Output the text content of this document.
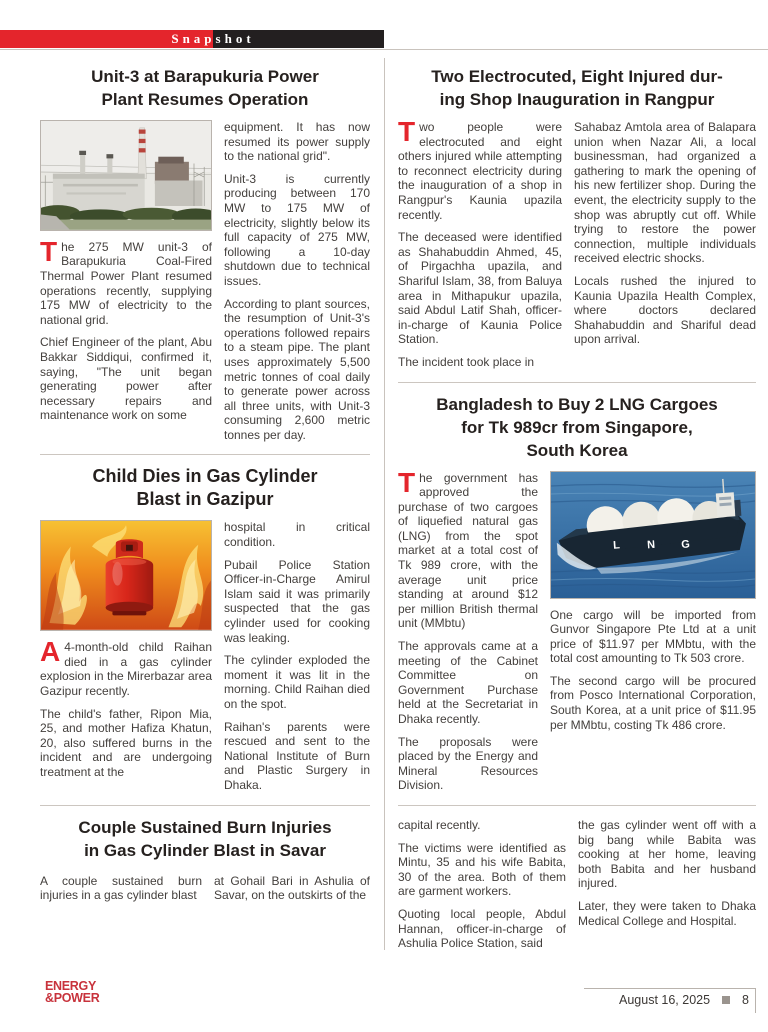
Snapshot
Unit-3 at Barapukuria Power
Plant Resumes Operation

The 275 MW unit-3 of Barapukuria Coal-Fired Thermal Power Plant resumed operations recently, supplying 175 MW of electricity to the national grid.

Chief Engineer of the plant, Abu Bakkar Siddiqui, confirmed it, saying, "The unit began generating power after necessary repairs and maintenance work on some

equipment. It has now resumed its power supply to the national grid".

Unit-3 is currently producing between 170 MW to 175 MW of electricity, slightly below its full capacity of 275 MW, following a 10-day shutdown due to technical issues.

According to plant sources, the resumption of Unit-3's operations followed repairs to a steam pipe. The plant uses approximately 5,500 metric tonnes of coal daily to generate power across all three units, with Unit-3 consuming 2,600 metric tonnes per day.

Child Dies in Gas Cylinder
Blast in Gazipur

A 4-month-old child Raihan died in a gas cylinder explosion in the Mirerbazar area Gazipur recently.

The child's father, Ripon Mia, 25, and mother Hafiza Khatun, 20, also suffered burns in the incident and are undergoing treatment at the

hospital in critical condition.

Pubail Police Station Officer-in-Charge Amirul Islam said it was primarily suspected that the gas cylinder used for cooking was leaking.

The cylinder exploded the moment it was lit in the morning. Child Raihan died on the spot.

Raihan's parents were rescued and sent to the National Institute of Burn and Plastic Surgery in Dhaka.

Couple Sustained Burn Injuries
in Gas Cylinder Blast in Savar

A couple sustained burn injuries in a gas cylinder blast

at Gohail Bari in Ashulia of Savar, on the outskirts of the

Two Electrocuted, Eight Injured dur-
ing Shop Inauguration in Rangpur

Two people were electrocuted and eight others injured while attempting to reconnect electricity during the inauguration of a shop in Rangpur's Kaunia upazila recently.

The deceased were identified as Shahabuddin Ahmed, 45, of Pirgachha upazila, and Shariful Islam, 38, from Baluya area in Mithapukur upazila, said Abdul Latif Shah, officer-in-charge of Kaunia Police Station.

The incident took place in

Sahabaz Amtola area of Balapara union when Nazar Ali, a local businessman, had organized a gathering to mark the opening of his new fertilizer shop. During the event, the electricity supply to the shop was abruptly cut off. While trying to restore the power connection, multiple individuals received electric shocks.

Locals rushed the injured to Kaunia Upazila Health Complex, where doctors declared Shahabuddin and Shariful dead upon arrival.

Bangladesh to Buy 2 LNG Cargoes
for Tk 989cr from Singapore,
South Korea

The government has approved the purchase of two cargoes of liquefied natural gas (LNG) from the spot market at a total cost of Tk 989 crore, with the average unit price standing at around $12 per million British thermal unit (MMbtu)

The approvals came at a meeting of the Cabinet Committee on Government Purchase held at the Secretariat in Dhaka recently.

The proposals were placed by the Energy and Mineral Resources Division.

L N G

One cargo will be imported from Gunvor Singapore Pte Ltd at a unit price of $11.97 per MMbtu, with the total cost amounting to Tk 503 crore.

The second cargo will be procured from Posco International Corporation, South Korea, at a unit price of $11.95 per MMbtu, costing Tk 486 crore.

capital recently.

The victims were identified as Mintu, 35 and his wife Babita, 30 of the area. Both of them are garment workers.

Quoting local people, Abdul Hannan, officer-in-charge of Ashulia Police Station, said

the gas cylinder went off with a big bang while Babita was cooking at her home, leaving both Babita and her husband injured.

Later, they were taken to Dhaka Medical College and Hospital.

ENERGY
&POWER	August 16, 2025	8
